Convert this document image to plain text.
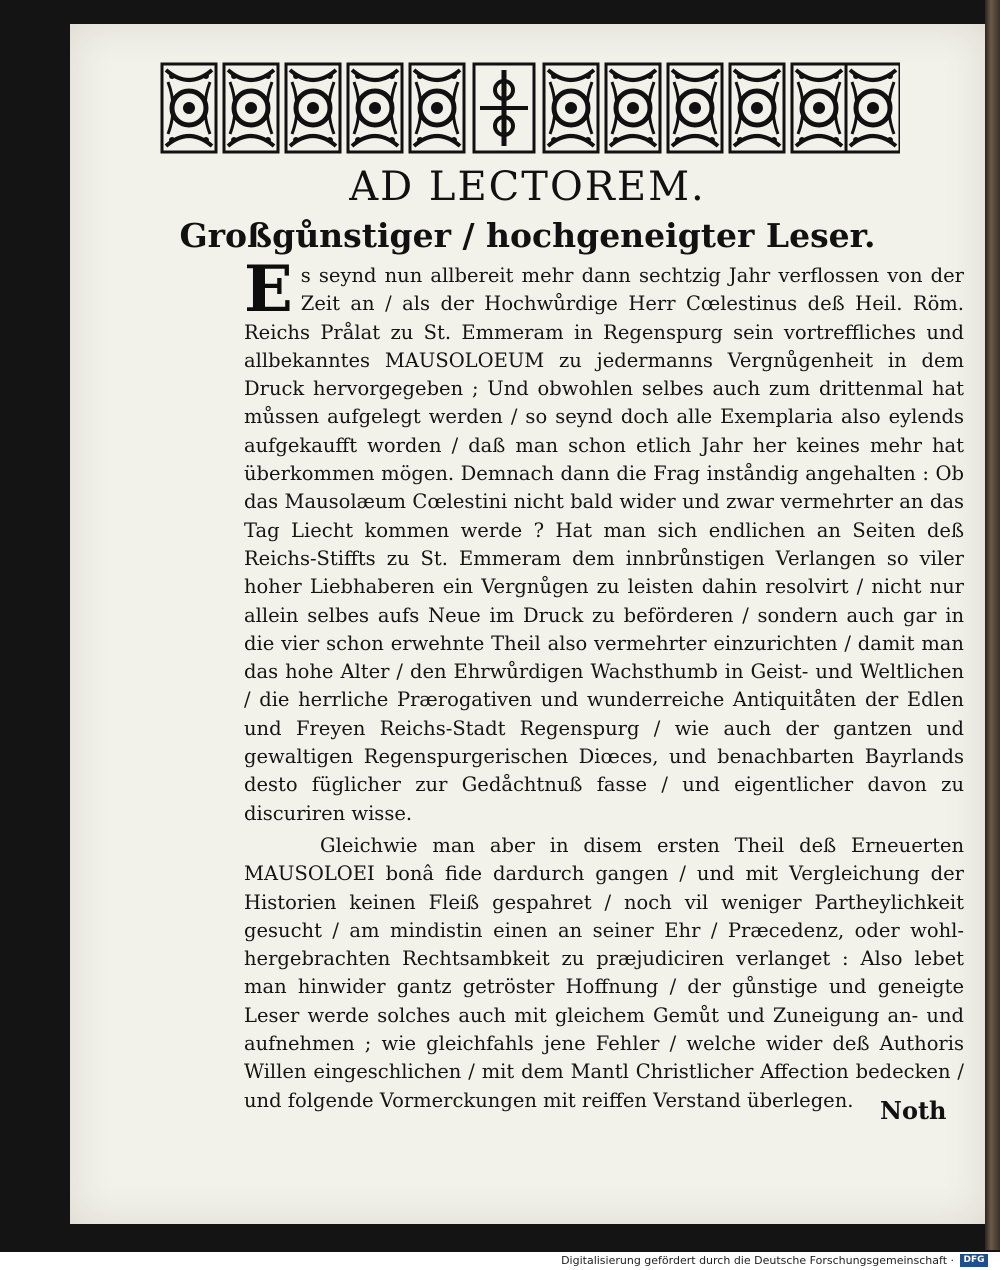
AD LECTOREM.
Großgůnstiger / hochgeneigter Leser.

Es seynd nun allbereit mehr dann sechtzig Jahr verflossen von der Zeit an / als der Hochwůrdige Herr Cœlestinus deß Heil. Röm. Reichs Prålat zu St. Emmeram in Regenspurg sein vortreffliches und allbekanntes MAUSOLOEUM zu jedermanns Vergnůgenheit in dem Druck hervorgegeben ; Und obwohlen selbes auch zum drittenmal hat můssen aufgelegt werden / so seynd doch alle Exemplaria also eylends aufgekaufft worden / daß man schon etlich Jahr her keines mehr hat überkommen mögen. Demnach dann die Frag inståndig angehalten : Ob das Mausolæum Cœlestini nicht bald wider und zwar vermehrter an das Tag Liecht kommen werde ? Hat man sich endlichen an Seiten deß Reichs-Stiffts zu St. Emmeram dem innbrůnstigen Verlangen so viler hoher Liebhaberen ein Vergnůgen zu leisten dahin resolvirt / nicht nur allein selbes aufs Neue im Druck zu beförderen / sondern auch gar in die vier schon erwehnte Theil also vermehrter einzurichten / damit man das hohe Alter / den Ehrwůrdigen Wachsthumb in Geist- und Weltlichen / die herrliche Prærogativen und wunderreiche Antiquitåten der Edlen und Freyen Reichs-Stadt Regenspurg / wie auch der gantzen und gewaltigen Regenspurgerischen Diœces, und benachbarten Bayrlands desto füglicher zur Gedåchtnuß fasse / und eigentlicher davon zu discuriren wisse.

Gleichwie man aber in disem ersten Theil deß Erneuerten MAUSOLOEI bonâ fide dardurch gangen / und mit Vergleichung der Historien keinen Fleiß gespahret / noch vil weniger Partheylichkeit gesucht / am mindistin einen an seiner Ehr / Præcedenz, oder wohl-hergebrachten Rechtsambkeit zu præjudiciren verlanget : Also lebet man hinwider gantz getröster Hoffnung / der gůnstige und geneigte Leser werde solches auch mit gleichem Gemůt und Zuneigung an- und aufnehmen ; wie gleichfahls jene Fehler / welche wider deß Authoris Willen eingeschlichen / mit dem Mantl Christlicher Affection bedecken / und folgende Vormerckungen mit reiffen Verstand überlegen.	Noth
Digitalisierung gefördert durch die Deutsche Forschungsgemeinschaft ·	DFG
